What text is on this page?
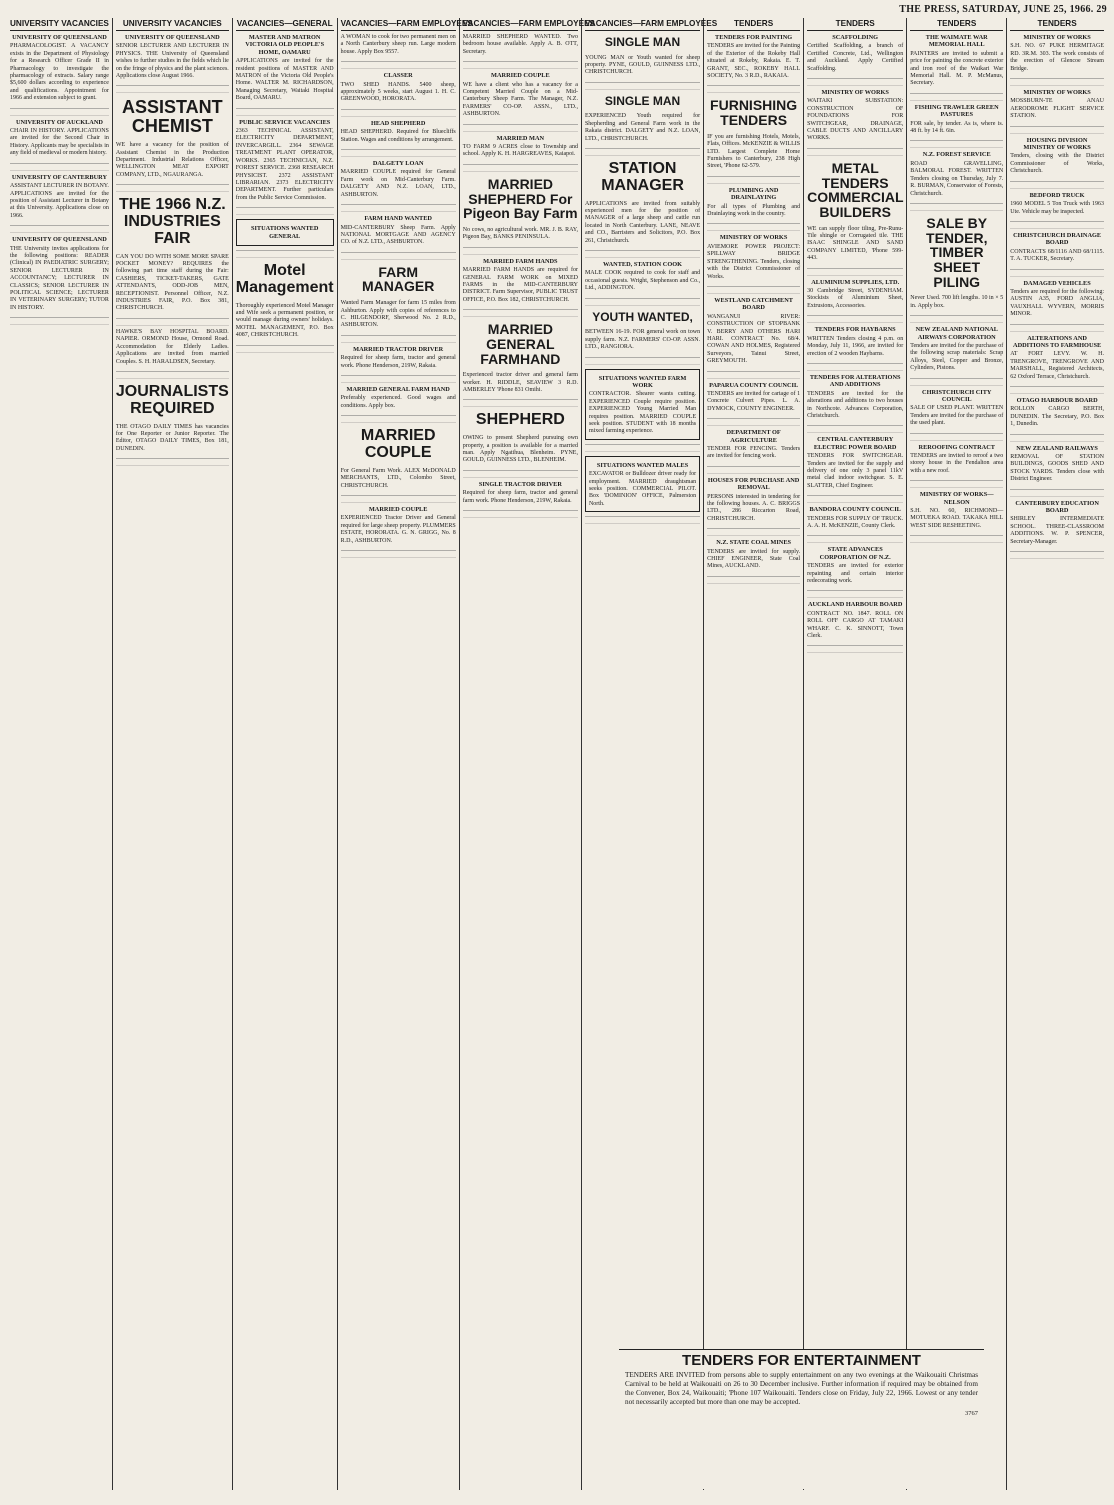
THE PRESS, SATURDAY, JUNE 25, 1966. 29
UNIVERSITY VACANCIES
UNIVERSITY OF QUEENSLAND
PHARMACOLOGIST. A VACANCY exists in the Department of Physiology for a Research Officer Grade II in Pharmacology to investigate the pharmacology of extracts. Salary range $5,600 dollars according to experience and qualifications. Appointment for 1966 and extension subject to grant.
UNIVERSITY OF AUCKLAND
CHAIR IN HISTORY. APPLICATIONS are invited for the Second Chair in History. Applicants may be specialists in any field of medieval or modern history.
UNIVERSITY OF CANTERBURY
ASSISTANT LECTURER IN BOTANY. APPLICATIONS are invited for the position of Assistant Lecturer in Botany at this University. Applications close on 1966.
UNIVERSITY OF QUEENSLAND
THE University invites applications for the following positions: READER (Clinical) IN PAEDIATRIC SURGERY; SENIOR LECTURER IN ACCOUNTANCY; LECTURER IN CLASSICS; SENIOR LECTURER IN POLITICAL SCIENCE; LECTURER IN VETERINARY SURGERY; TUTOR IN HISTORY.
UNIVERSITY VACANCIES
UNIVERSITY OF QUEENSLAND
SENIOR LECTURER AND LECTURER IN PHYSICS. THE University of Queensland wishes to further studies in the fields which lie on the fringe of physics and the plant sciences. Applications close August 1966.
ASSISTANT CHEMIST
WE have a vacancy for the position of Assistant Chemist in the Production Department. Industrial Relations Officer, WELLINGTON MEAT EXPORT COMPANY, LTD., NGAURANGA.
THE 1966 N.Z. INDUSTRIES FAIR
CAN YOU DO WITH SOME MORE SPARE POCKET MONEY? REQUIRES the following part time staff during the Fair: CASHIERS, TICKET-TAKERS, GATE ATTENDANTS, ODD-JOB MEN, RECEPTIONIST. Personnel Officer, N.Z. INDUSTRIES FAIR, P.O. Box 381, CHRISTCHURCH.
HAWKE'S BAY HOSPITAL BOARD. NAPIER. ORMOND House, Ormond Road. Accommodation for Elderly Ladies. Applications are invited from married Couples. S. H. HARALDSEN, Secretary.
JOURNALISTS REQUIRED
THE OTAGO DAILY TIMES has vacancies for One Reporter or Junior Reporter. The Editor, OTAGO DAILY TIMES, Box 181, DUNEDIN.
VACANCIES—GENERAL
MASTER AND MATRON VICTORIA OLD PEOPLE'S HOME, OAMARU
APPLICATIONS are invited for the resident positions of MASTER AND MATRON of the Victoria Old People's Home. WALTER M. RICHARDSON, Managing Secretary, Waitaki Hospital Board, OAMARU.
PUBLIC SERVICE VACANCIES
2363 TECHNICAL ASSISTANT, ELECTRICITY DEPARTMENT, INVERCARGILL. 2364 SEWAGE TREATMENT PLANT OPERATOR, WORKS. 2365 TECHNICIAN, N.Z. FOREST SERVICE. 2368 RESEARCH PHYSICIST. 2372 ASSISTANT LIBRARIAN. 2373 ELECTRICITY DEPARTMENT. Further particulars from the Public Service Commission.
SITUATIONS WANTED GENERAL
Motel Management
Thoroughly experienced Motel Manager and Wife seek a permanent position, or would manage during owners' holidays. MOTEL MANAGEMENT, P.O. Box 4087, CHRISTCHURCH.
VACANCIES—FARM EMPLOYEES
A WOMAN to cook for two permanent men on a North Canterbury sheep run. Large modern house. Apply Box 9557.
CLASSER
TWO SHED HANDS. 5400 sheep, approximately 5 weeks, start August 1. H. C. GREENWOOD, HORORATA.
HEAD SHEPHERD
HEAD SHEPHERD. Required for Bluecliffs Station. Wages and conditions by arrangement.
DALGETY LOAN
MARRIED COUPLE required for General Farm work on Mid-Canterbury Farm. DALGETY AND N.Z. LOAN, LTD., ASHBURTON.
FARM HAND WANTED
MID-CANTERBURY Sheep Farm. Apply NATIONAL MORTGAGE AND AGENCY CO. of N.Z. LTD., ASHBURTON.
FARM MANAGER
Wanted Farm Manager for farm 15 miles from Ashburton. Apply with copies of references to C. HILGENDORF, Sherwood No. 2 R.D., ASHBURTON.
MARRIED TRACTOR DRIVER
Required for sheep farm, tractor and general work. Phone Henderson, 219W, Rakaia.
MARRIED GENERAL FARM HAND
Preferably experienced. Good wages and conditions. Apply box.
MARRIED COUPLE
For General Farm Work. ALEX McDONALD MERCHANTS, LTD., Colombo Street, CHRISTCHURCH.
MARRIED COUPLE
EXPERIENCED Tractor Driver and General required for large sheep property. PLUMMERS ESTATE, HORORATA. G. N. GRIGG, No. 8 R.D., ASHBURTON.
VACANCIES—FARM EMPLOYEES
MARRIED SHEPHERD WANTED. Two bedroom house available. Apply A. B. OTT, Secretary.
MARRIED COUPLE
WE have a client who has a vacancy for a Competent Married Couple on a Mid-Canterbury Sheep Farm. The Manager, N.Z. FARMERS' CO-OP. ASSN., LTD., ASHBURTON.
MARRIED MAN
TO FARM 9 ACRES close to Township and school. Apply K. H. HARGREAVES, Kaiapoi.
MARRIED SHEPHERD For Pigeon Bay Farm
No cows, no agricultural work. MR. J. B. RAY, Pigeon Bay, BANKS PENINSULA.
MARRIED FARM HANDS
MARRIED FARM HANDS are required for GENERAL FARM WORK on MIXED FARMS in the MID-CANTERBURY DISTRICT. Farm Supervisor, PUBLIC TRUST OFFICE, P.O. Box 182, CHRISTCHURCH.
MARRIED GENERAL FARMHAND
Experienced tractor driver and general farm worker. H. RIDDLE, SEAVIEW 3 R.D. AMBERLEY 'Phone 831 Omihi.
SHEPHERD
OWING to present Shepherd pursuing own property, a position is available for a married man. Apply Ngatihua, Blenheim. PYNE, GOULD, GUINNESS LTD., BLENHEIM.
SINGLE TRACTOR DRIVER
Required for sheep farm, tractor and general farm work. Phone Henderson, 219W, Rakaia.
VACANCIES—FARM EMPLOYEES
SINGLE MAN
YOUNG MAN or Youth wanted for sheep property. PYNE, GOULD, GUINNESS LTD., CHRISTCHURCH.
SINGLE MAN
EXPERIENCED Youth required for Shepherding and General Farm work in the Rakaia district. DALGETY and N.Z. LOAN, LTD., CHRISTCHURCH.
STATION MANAGER
APPLICATIONS are invited from suitably experienced men for the position of MANAGER of a large sheep and cattle run located in North Canterbury. LANE, NEAVE and CO., Barristers and Solicitors, P.O. Box 261, Christchurch.
WANTED, STATION COOK
MALE COOK required to cook for staff and occasional guests. Wright, Stephenson and Co., Ltd., ADDINGTON.
YOUTH WANTED,
BETWEEN 16-19. FOR general work on town supply farm. N.Z. FARMERS' CO-OP. ASSN. LTD., RANGIORA.
SITUATIONS WANTED FARM WORK
CONTRACTOR. Shearer wants cutting. EXPERIENCED Couple require position. EXPERIENCED Young Married Man requires position. MARRIED COUPLE seek position. STUDENT with 18 months mixed farming experience.
SITUATIONS WANTED MALES
EXCAVATOR or Bulldozer driver ready for employment. MARRIED draughtsman seeks position. COMMERCIAL PILOT. Box 'DOMINION' OFFICE, Palmerston North.
TENDERS
TENDERS FOR PAINTING
TENDERS are invited for the Painting of the Exterior of the Rokeby Hall situated at Rokeby, Rakaia. E. T. GRANT, SEC., ROKEBY HALL SOCIETY, No. 3 R.D., RAKAIA.
FURNISHING TENDERS
IF you are furnishing Hotels, Motels, Flats, Offices. McKENZIE & WILLIS LTD. Largest Complete Home Furnishers to Canterbury, 238 High Street, 'Phone 62-579.
PLUMBING AND DRAINLAYING
For all types of Plumbing and Drainlaying work in the country.
MINISTRY OF WORKS
AVIEMORE POWER PROJECT: SPILLWAY BRIDGE STRENGTHENING. Tenders, closing with the District Commissioner of Works.
WESTLAND CATCHMENT BOARD
WANGANUI RIVER: CONSTRUCTION OF STOPBANK V. BERRY AND OTHERS HARI HARI. CONTRACT No. 68/4. COWAN AND HOLMES, Registered Surveyors, Tainui Street, GREYMOUTH.
PAPARUA COUNTY COUNCIL
TENDERS are invited for cartage of 1 Concrete Culvert Pipes. L. A. DYMOCK, COUNTY ENGINEER.
DEPARTMENT OF AGRICULTURE
TENDER FOR FENCING. Tenders are invited for fencing work.
HOUSES FOR PURCHASE AND REMOVAL
PERSONS interested in tendering for the following houses. A. C. BRIGGS LTD., 286 Riccarton Road, CHRISTCHURCH.
N.Z. STATE COAL MINES
TENDERS are invited for supply. CHIEF ENGINEER, State Coal Mines, AUCKLAND.
TENDERS
SCAFFOLDING
Certified Scaffolding, a branch of Certified Concrete, Ltd., Wellington and Auckland. Apply Certified Scaffolding.
MINISTRY OF WORKS
WAITAKI SUBSTATION: CONSTRUCTION OF FOUNDATIONS FOR SWITCHGEAR, DRAINAGE, CABLE DUCTS AND ANCILLARY WORKS.
METAL TENDERS COMMERCIAL BUILDERS
WE can supply floor tiling, Pre-Runu-Tile shingle or Corrugated tile. THE ISAAC SHINGLE AND SAND COMPANY LIMITED, 'Phone 599-443.
ALUMINIUM SUPPLIES, LTD.
30 Cambridge Street, SYDENHAM. Stockists of Aluminium Sheet, Extrusions, Accessories.
TENDERS FOR HAYBARNS
WRITTEN Tenders closing 4 p.m. on Monday, July 11, 1966, are invited for erection of 2 wooden Haybarns.
TENDERS FOR ALTERATIONS AND ADDITIONS
TENDERS are invited for the alterations and additions to two houses in Northcote. Advances Corporation, Christchurch.
CENTRAL CANTERBURY ELECTRIC POWER BOARD
TENDERS FOR SWITCHGEAR. Tenders are invited for the supply and delivery of one only 3 panel 11kV metal clad indoor switchgear. S. E. SLATTER, Chief Engineer.
BANDORA COUNTY COUNCIL
TENDERS FOR SUPPLY OF TRUCK. A. A. H. McKENZIE, County Clerk.
STATE ADVANCES CORPORATION OF N.Z.
TENDERS are invited for exterior repainting and certain interior redecorating work.
AUCKLAND HARBOUR BOARD
CONTRACT NO. 1847. ROLL ON ROLL OFF CARGO AT TAMAKI WHARF. C. K. SINNOTT, Town Clerk.
TENDERS
THE WAIMATE WAR MEMORIAL HALL
PAINTERS are invited to submit a price for painting the concrete exterior and iron roof of the Waikari War Memorial Hall. M. P. McManus, Secretary.
FISHING TRAWLER GREEN PASTURES
FOR sale, by tender. As is, where is. 48 ft. by 14 ft. 6in.
N.Z. FOREST SERVICE
ROAD GRAVELLING, BALMORAL FOREST. WRITTEN Tenders closing on Thursday, July 7. R. BURMAN, Conservator of Forests, Christchurch.
SALE BY TENDER, TIMBER SHEET PILING
Never Used. 700 lift lengths. 10 in × 5 in. Apply box.
NEW ZEALAND NATIONAL AIRWAYS CORPORATION
Tenders are invited for the purchase of the following scrap materials: Scrap Alloys, Steel, Copper and Bronze, Cylinders, Pistons.
CHRISTCHURCH CITY COUNCIL
SALE OF USED PLANT. WRITTEN Tenders are invited for the purchase of the used plant.
REROOFING CONTRACT
TENDERS are invited to reroof a two storey house in the Fendalton area with a new roof.
MINISTRY OF WORKS—NELSON
S.H. NO. 60, RICHMOND—MOTUEKA ROAD. TAKAKA HILL WEST SIDE RESHEETING.
TENDERS
MINISTRY OF WORKS
S.H. NO. 67 PUKE HERMITAGE RD. 3R.M. 303. The work consists of the erection of Glencoe Stream Bridge.
MINISTRY OF WORKS
MOSSBURN-TE ANAU AERODROME FLIGHT SERVICE STATION.
HOUSING DIVISION MINISTRY OF WORKS
Tenders, closing with the District Commissioner of Works, Christchurch.
BEDFORD TRUCK
1960 MODEL 5 Ton Truck with 1963 Ute. Vehicle may be inspected.
CHRISTCHURCH DRAINAGE BOARD
CONTRACTS 68/1116 AND 68/1115. T. A. TUCKER, Secretary.
DAMAGED VEHICLES
Tenders are required for the following: AUSTIN A35, FORD ANGLIA, VAUXHALL WYVERN, MORRIS MINOR.
ALTERATIONS AND ADDITIONS TO FARMHOUSE
AT FORT LEVY. W. H. TRENGROVE, TRENGROVE AND MARSHALL, Registered Architects, 62 Oxford Terrace, Christchurch.
OTAGO HARBOUR BOARD
ROLLON CARGO BERTH, DUNEDIN. The Secretary, P.O. Box 1, Dunedin.
NEW ZEALAND RAILWAYS
REMOVAL OF STATION BUILDINGS, GOODS SHED AND STOCK YARDS. Tenders close with District Engineer.
CANTERBURY EDUCATION BOARD
SHIRLEY INTERMEDIATE SCHOOL. THREE-CLASSROOM ADDITIONS. W. P. SPENCER, Secretary-Manager.
TENDERS FOR ENTERTAINMENT
TENDERS ARE INVITED from persons able to supply entertainment on any two evenings at the Waikouaiti Christmas Carnival to be held at Waikouaiti on 26 to 30 December inclusive. Further information if required may be obtained from the Convener, Box 24, Waikouaiti; 'Phone 107 Waikouaiti. Tenders close on Friday, July 22, 1966. Lowest or any tender not necessarily accepted but more than one may be accepted.
3767
